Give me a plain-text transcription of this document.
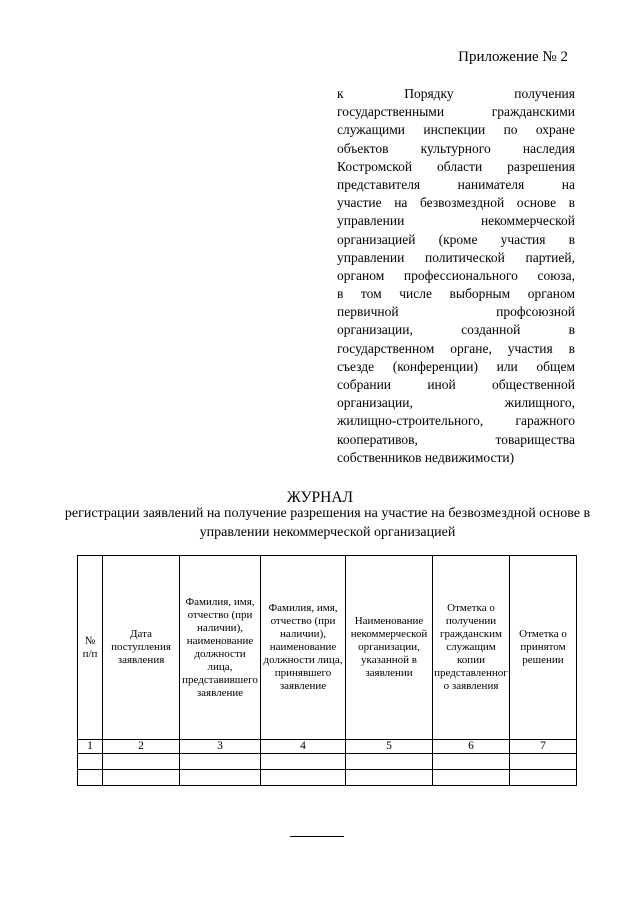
Приложение № 2
к Порядку получения
государственными гражданскими
служащими инспекции по охране
объектов культурного наследия
Костромской области разрешения
представителя нанимателя на
участие на безвозмездной основе в
управлении некоммерческой
организацией (кроме участия в
управлении политической партией,
органом профессионального союза,
в том числе выборным органом
первичной профсоюзной
организации, созданной в
государственном органе, участия в
съезде (конференции) или общем
собрании иной общественной
организации, жилищного,
жилищно-строительного, гаражного
кооперативов, товарищества
собственников недвижимости)
ЖУРНАЛ
регистрации заявлений на получение разрешения на участие на безвозмездной основе в управлении некоммерческой организацией
№ п/п	Дата поступления заявления	Фамилия, имя, отчество (при наличии), наименование должности лица, представившего заявление	Фамилия, имя, отчество (при наличии), наименование должности лица, принявшего заявление	Наименование некоммерческой организации, указанной в заявлении	Отметка о получении гражданским служащим копии представленного заявления	Отметка о принятом решении
1	2	3	4	5	6	7
